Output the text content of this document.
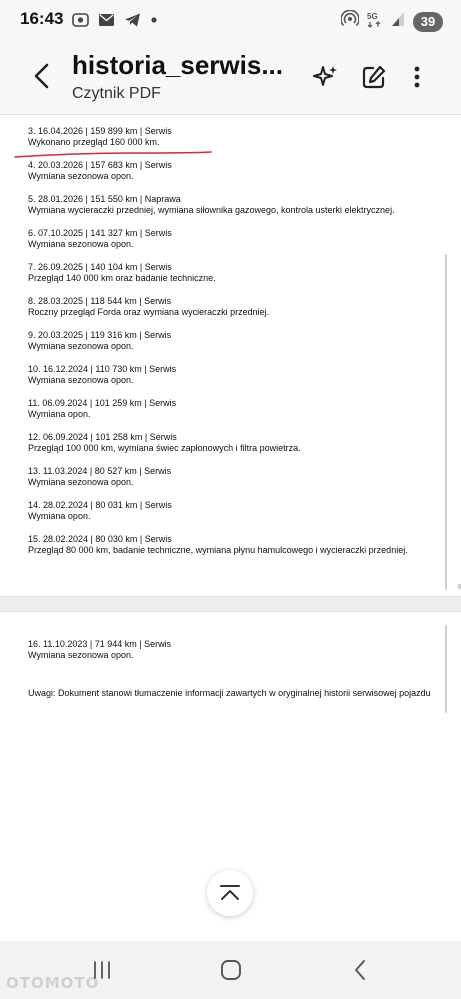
16:43	5G	39
historia_serwis...
Czytnik PDF
3. 16.04.2026 | 159 899 km | Serwis
Wykonano przegląd 160 000 km.
4. 20.03.2026 | 157 683 km | Serwis
Wymiana sezonowa opon.
5. 28.01.2026 | 151 550 km | Naprawa
Wymiana wycieraczki przedniej, wymiana siłownika gazowego, kontrola usterki elektrycznej.
6. 07.10.2025 | 141 327 km | Serwis
Wymiana sezonowa opon.
7. 26.09.2025 | 140 104 km | Serwis
Przegląd 140 000 km oraz badanie techniczne.
8. 28.03.2025 | 118 544 km | Serwis
Roczny przegląd Forda oraz wymiana wycieraczki przedniej.
9. 20.03.2025 | 119 316 km | Serwis
Wymiana sezonowa opon.
10. 16.12.2024 | 110 730 km | Serwis
Wymiana sezonowa opon.
11. 06.09.2024 | 101 259 km | Serwis
Wymiana opon.
12. 06.09.2024 | 101 258 km | Serwis
Przegląd 100 000 km, wymiana świec zapłonowych i filtra powietrza.
13. 11.03.2024 | 80 527 km | Serwis
Wymiana sezonowa opon.
14. 28.02.2024 | 80 031 km | Serwis
Wymiana opon.
15. 28.02.2024 | 80 030 km | Serwis
Przegląd 80 000 km, badanie techniczne, wymiana płynu hamulcowego i wycieraczki przedniej.
16. 11.10.2023 | 71 944 km | Serwis
Wymiana sezonowa opon.
Uwagi: Dokument stanowi tłumaczenie informacji zawartych w oryginalnej historii serwisowej pojazdu
OTOMOTO
